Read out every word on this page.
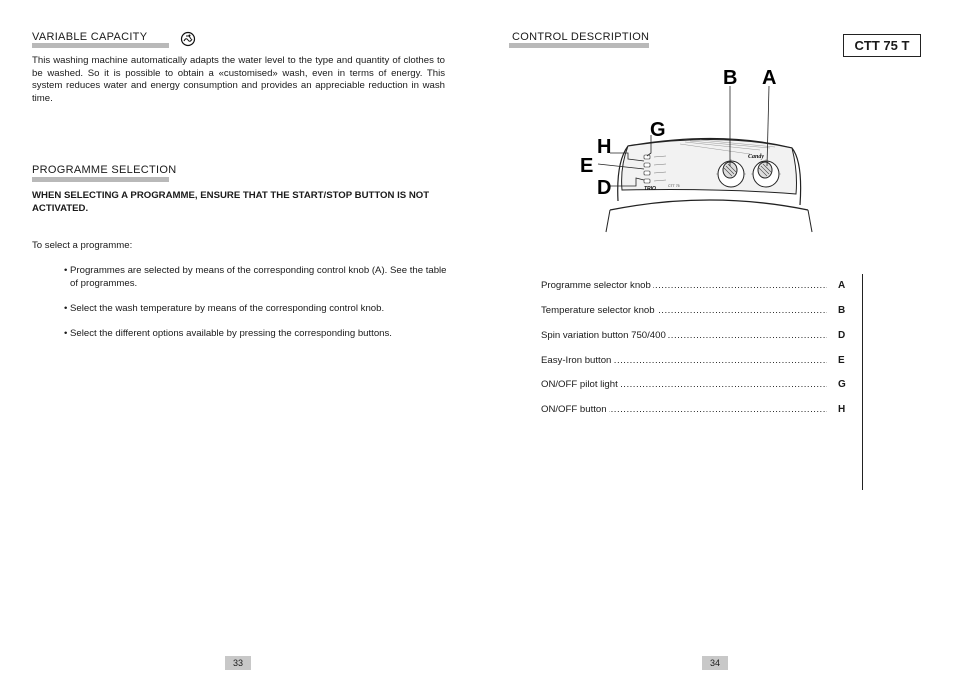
VARIABLE CAPACITY
This washing machine automatically adapts the water level to the type and quantity of clothes to be washed. So it is possible to obtain a «customised» wash, even in terms of energy. This system reduces water and energy consumption and provides an appreciable reduction in wash time.
PROGRAMME SELECTION
WHEN SELECTING A PROGRAMME, ENSURE THAT THE START/STOP BUTTON IS NOT ACTIVATED.
To select a programme:
• Programmes are selected by means of the corresponding control knob (A). See the table of programmes.
• Select the wash temperature by means of the corresponding control knob.
• Select the different options available by pressing the corresponding buttons.
33
CONTROL DESCRIPTION
CTT 75 T
TRIO	CTT 75
Candy
B A
G
H
E
D
Programme selector knob .....	A
Temperature selector knob .....	B
Spin variation button 750/400 .....	D
Easy-Iron button .....	E
ON/OFF pilot light .....	G
ON/OFF button .....	H
34
